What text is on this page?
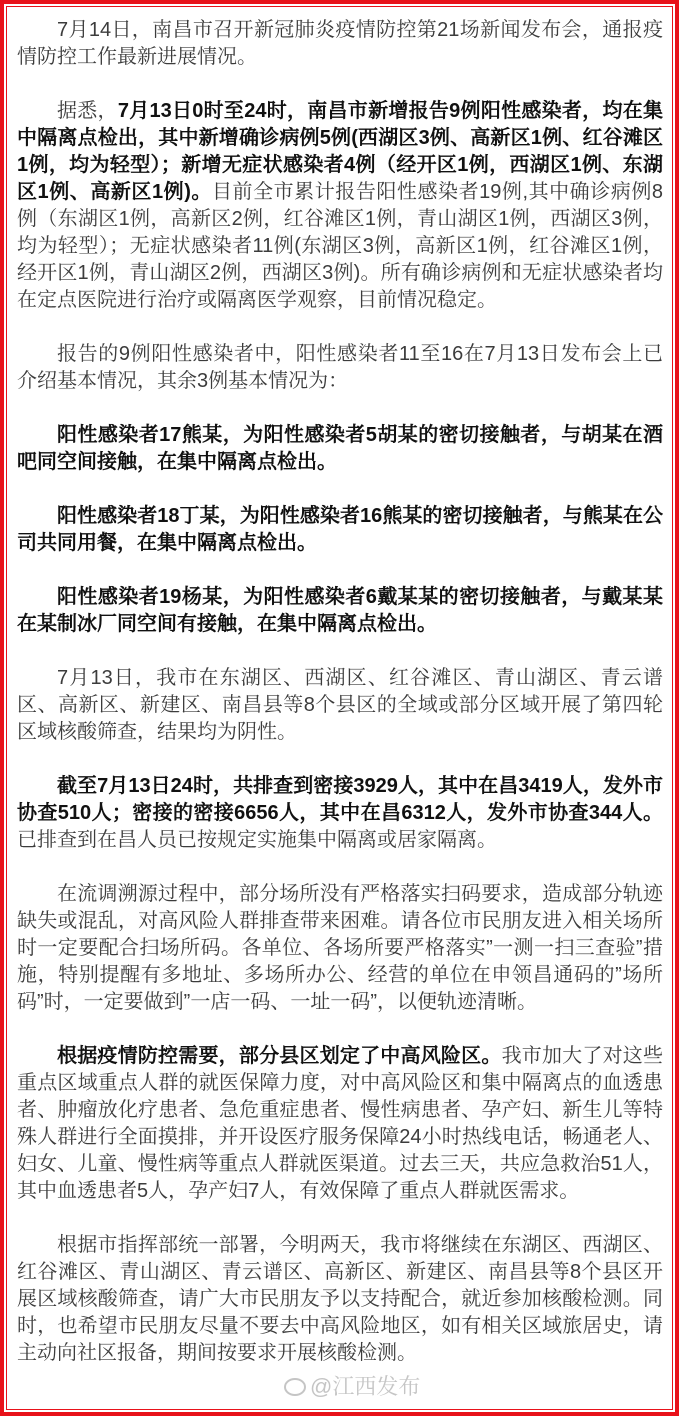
7月14日，南昌市召开新冠肺炎疫情防控第21场新闻发布会，通报疫情防控工作最新进展情况。

据悉，7月13日0时至24时，南昌市新增报告9例阳性感染者，均在集中隔离点检出，其中新增确诊病例5例(西湖区3例、高新区1例、红谷滩区1例，均为轻型）；新增无症状感染者4例（经开区1例，西湖区1例、东湖区1例、高新区1例)。目前全市累计报告阳性感染者19例,其中确诊病例8例（东湖区1例，高新区2例，红谷滩区1例，青山湖区1例，西湖区3例，均为轻型）；无症状感染者11例(东湖区3例，高新区1例，红谷滩区1例，经开区1例，青山湖区2例，西湖区3例)。所有确诊病例和无症状感染者均在定点医院进行治疗或隔离医学观察，目前情况稳定。

报告的9例阳性感染者中，阳性感染者11至16在7月13日发布会上已介绍基本情况，其余3例基本情况为：

阳性感染者17熊某，为阳性感染者5胡某的密切接触者，与胡某在酒吧同空间接触，在集中隔离点检出。

阳性感染者18丁某，为阳性感染者16熊某的密切接触者，与熊某在公司共同用餐，在集中隔离点检出。

阳性感染者19杨某，为阳性感染者6戴某某的密切接触者，与戴某某在某制冰厂同空间有接触，在集中隔离点检出。

7月13日，我市在东湖区、西湖区、红谷滩区、青山湖区、青云谱区、高新区、新建区、南昌县等8个县区的全域或部分区域开展了第四轮区域核酸筛查，结果均为阴性。

截至7月13日24时，共排查到密接3929人，其中在昌3419人，发外市协查510人；密接的密接6656人，其中在昌6312人，发外市协查344人。已排查到在昌人员已按规定实施集中隔离或居家隔离。

在流调溯源过程中，部分场所没有严格落实扫码要求，造成部分轨迹缺失或混乱，对高风险人群排查带来困难。请各位市民朋友进入相关场所时一定要配合扫场所码。各单位、各场所要严格落实”一测一扫三查验”措施，特别提醒有多地址、多场所办公、经营的单位在申领昌通码的”场所码”时，一定要做到”一店一码、一址一码”，以便轨迹清晰。

根据疫情防控需要，部分县区划定了中高风险区。我市加大了对这些重点区域重点人群的就医保障力度，对中高风险区和集中隔离点的血透患者、肿瘤放化疗患者、急危重症患者、慢性病患者、孕产妇、新生儿等特殊人群进行全面摸排，并开设医疗服务保障24小时热线电话，畅通老人、妇女、儿童、慢性病等重点人群就医渠道。过去三天，共应急救治51人，其中血透患者5人，孕产妇7人，有效保障了重点人群就医需求。

根据市指挥部统一部署，今明两天，我市将继续在东湖区、西湖区、红谷滩区、青山湖区、青云谱区、高新区、新建区、南昌县等8个县区开展区域核酸筛查，请广大市民朋友予以支持配合，就近参加核酸检测。同时，也希望市民朋友尽量不要去中高风险地区，如有相关区域旅居史，请主动向社区报备，期间按要求开展核酸检测。

@江西发布
